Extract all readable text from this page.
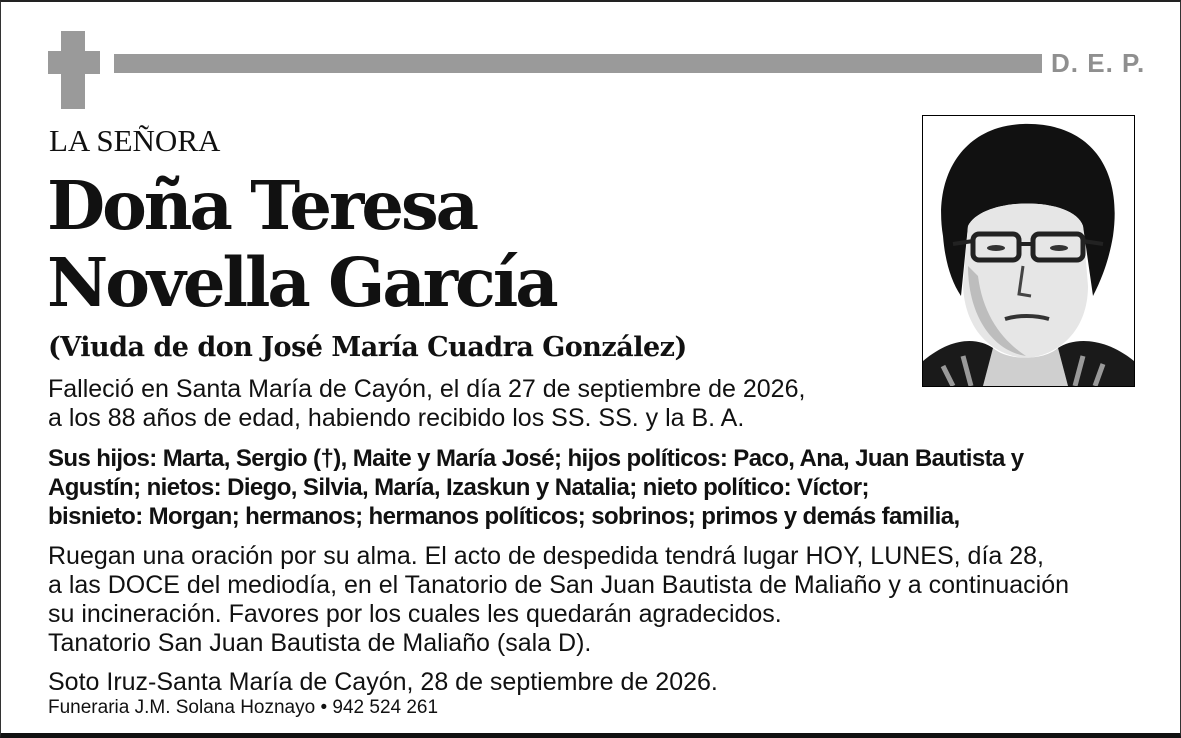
D. E. P.
LA SEÑORA
Doña Teresa
Novella García
(Viuda de don José María Cuadra González)
Falleció en Santa María de Cayón, el día 27 de septiembre de 2026,
a los 88 años de edad, habiendo recibido los SS. SS. y la B. A.
Sus hijos: Marta, Sergio (†), Maite y María José; hijos políticos: Paco, Ana, Juan Bautista y
Agustín; nietos: Diego, Silvia, María, Izaskun y Natalia; nieto político: Víctor;
bisnieto: Morgan; hermanos; hermanos políticos; sobrinos; primos y demás familia,
Ruegan una oración por su alma. El acto de despedida tendrá lugar HOY, LUNES, día 28,
a las DOCE del mediodía, en el Tanatorio de San Juan Bautista de Maliaño y a continuación
su incineración. Favores por los cuales les quedarán agradecidos.
Tanatorio San Juan Bautista de Maliaño (sala D).
Soto Iruz-Santa María de Cayón, 28 de septiembre de 2026.
Funeraria J.M. Solana Hoznayo • 942 524 261
